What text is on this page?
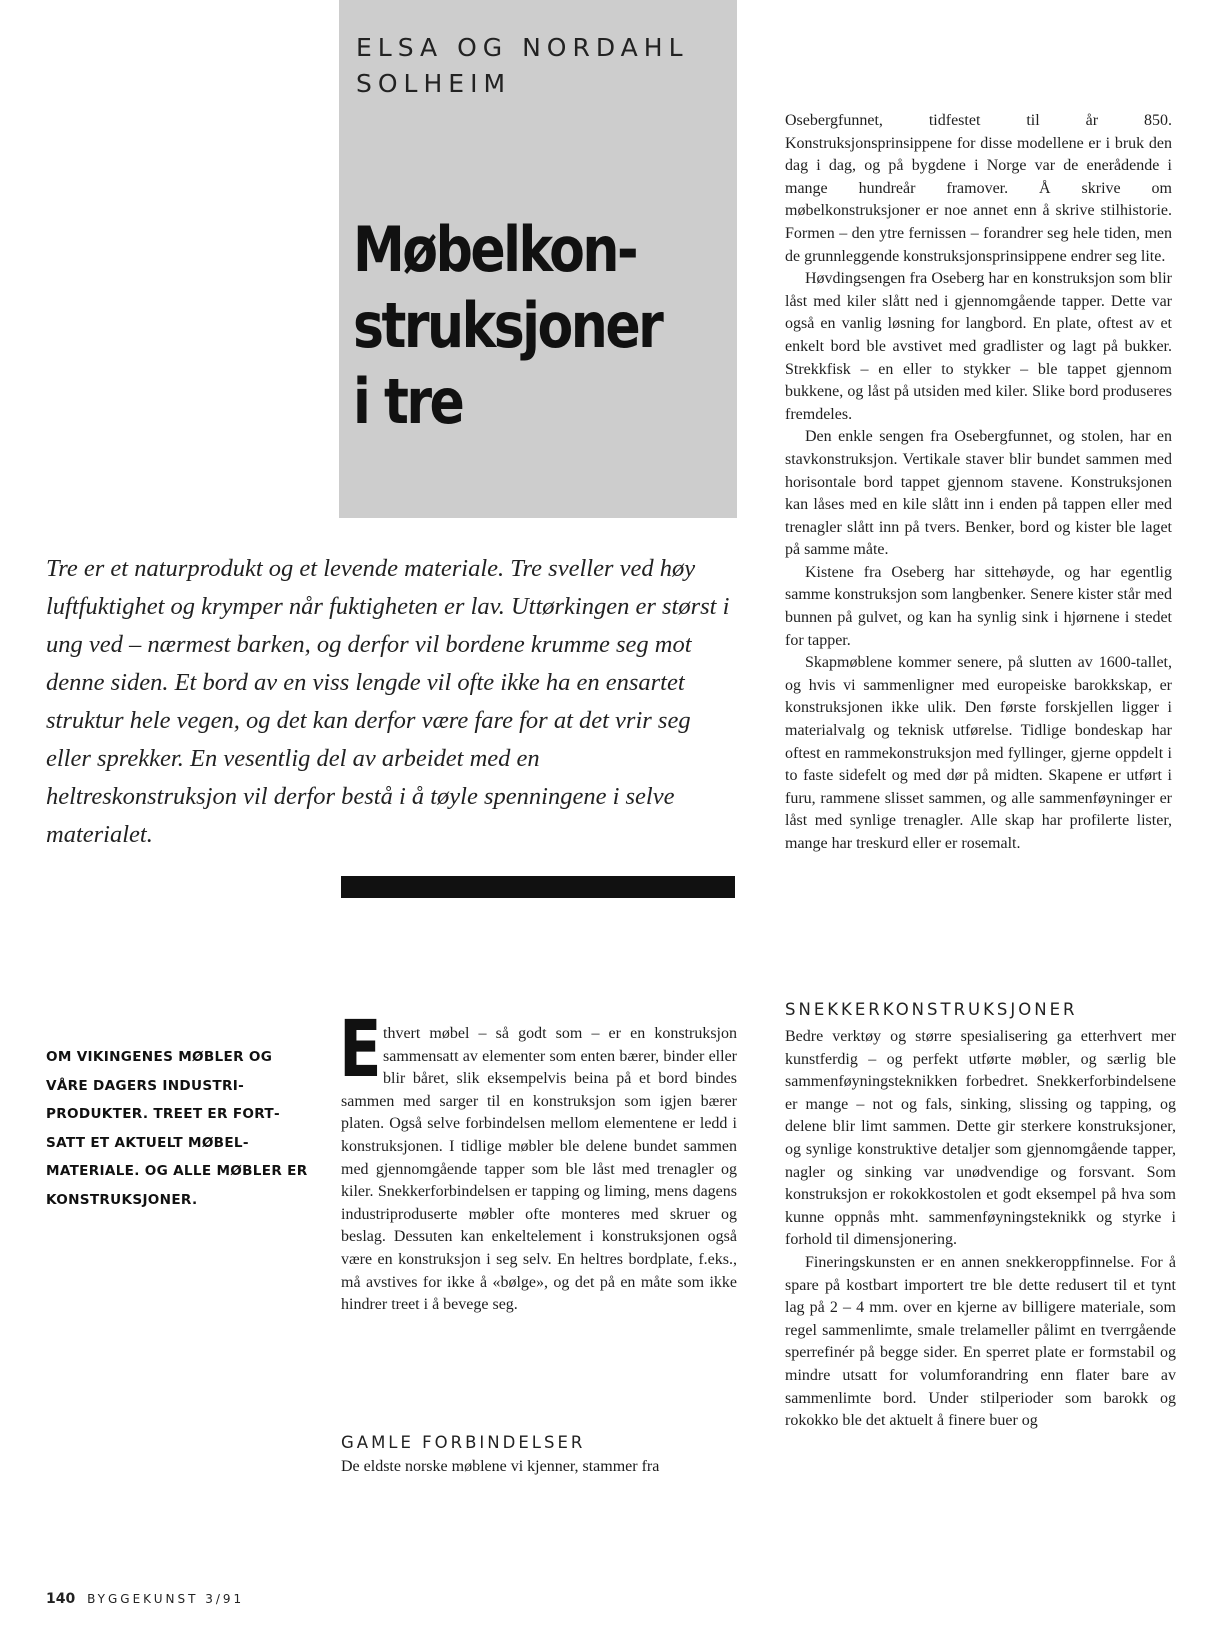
ELSA OG NORDAHL
SOLHEIM
Møbelkon-
struksjoner
i tre
Tre er et naturprodukt og et levende materiale. Tre sveller ved høy luftfuktighet og krymper når fuktigheten er lav. Uttørkingen er størst i ung ved – nærmest barken, og derfor vil bordene krumme seg mot denne siden. Et bord av en viss lengde vil ofte ikke ha en ensartet struktur hele vegen, og det kan derfor være fare for at det vrir seg eller sprekker. En vesentlig del av arbeidet med en heltreskonstruksjon vil derfor bestå i å tøyle spenningene i selve materialet.

Osebergfunnet, tidfestet til år 850. Konstruksjonsprinsippene for disse modellene er i bruk den dag i dag, og på bygdene i Norge var de enerådende i mange hundreår framover. Å skrive om møbelkonstruksjoner er noe annet enn å skrive stilhistorie. Formen – den ytre fernissen – forandrer seg hele tiden, men de grunnleggende konstruksjonsprinsippene endrer seg lite.

Høvdingsengen fra Oseberg har en konstruksjon som blir låst med kiler slått ned i gjennomgående tapper. Dette var også en vanlig løsning for langbord. En plate, oftest av et enkelt bord ble avstivet med gradlister og lagt på bukker. Strekkfisk – en eller to stykker – ble tappet gjennom bukkene, og låst på utsiden med kiler. Slike bord produseres fremdeles.

Den enkle sengen fra Osebergfunnet, og stolen, har en stavkonstruksjon. Vertikale staver blir bundet sammen med horisontale bord tappet gjennom stavene. Konstruksjonen kan låses med en kile slått inn i enden på tappen eller med trenagler slått inn på tvers. Benker, bord og kister ble laget på samme måte.

Kistene fra Oseberg har sittehøyde, og har egentlig samme konstruksjon som langbenker. Senere kister står med bunnen på gulvet, og kan ha synlig sink i hjørnene i stedet for tapper.

Skapmøblene kommer senere, på slutten av 1600-tallet, og hvis vi sammenligner med europeiske barokkskap, er konstruksjonen ikke ulik. Den første forskjellen ligger i materialvalg og teknisk utførelse. Tidlige bondeskap har oftest en rammekonstruksjon med fyllinger, gjerne oppdelt i to faste sidefelt og med dør på midten. Skapene er utført i furu, rammene slisset sammen, og alle sammenføyninger er låst med synlige trenagler. Alle skap har profilerte lister, mange har treskurd eller er rosemalt.

OM VIKINGENES MØBLER OG VÅRE DAGERS INDUSTRIPRODUKTER. TREET ER FORTSATT ET AKTUELT MØBELMATERIALE. OG ALLE MØBLER ER KONSTRUKSJONER.

Ethvert møbel – så godt som – er en konstruksjon sammensatt av elementer som enten bærer, binder eller blir båret, slik eksempelvis beina på et bord bindes sammen med sarger til en konstruksjon som igjen bærer platen. Også selve forbindelsen mellom elementene er ledd i konstruksjonen. I tidlige møbler ble delene bundet sammen med gjennomgående tapper som ble låst med trenagler og kiler. Snekkerforbindelsen er tapping og liming, mens dagens industriproduserte møbler ofte monteres med skruer og beslag. Dessuten kan enkeltelement i konstruksjonen også være en konstruksjon i seg selv. En heltres bordplate, f.eks., må avstives for ikke å «bølge», og det på en måte som ikke hindrer treet i å bevege seg.

GAMLE FORBINDELSER
De eldste norske møblene vi kjenner, stammer fra
SNEKKERKONSTRUKSJONER

Bedre verktøy og større spesialisering ga etterhvert mer kunstferdig – og perfekt utførte møbler, og særlig ble sammenføyningsteknikken forbedret. Snekkerforbindelsene er mange – not og fals, sinking, slissing og tapping, og delene blir limt sammen. Dette gir sterkere konstruksjoner, og synlige konstruktive detaljer som gjennomgående tapper, nagler og sinking var unødvendige og forsvant. Som konstruksjon er rokokkostolen et godt eksempel på hva som kunne oppnås mht. sammenføyningsteknikk og styrke i forhold til dimensjonering.

Fineringskunsten er en annen snekkeroppfinnelse. For å spare på kostbart importert tre ble dette redusert til et tynt lag på 2 – 4 mm. over en kjerne av billigere materiale, som regel sammenlimte, smale trelameller pålimt en tverrgående sperrefinér på begge sider. En sperret plate er formstabil og mindre utsatt for volumforandring enn flater bare av sammenlimte bord. Under stilperioder som barokk og rokokko ble det aktuelt å finere buer og

140 BYGGEKUNST 3/91
